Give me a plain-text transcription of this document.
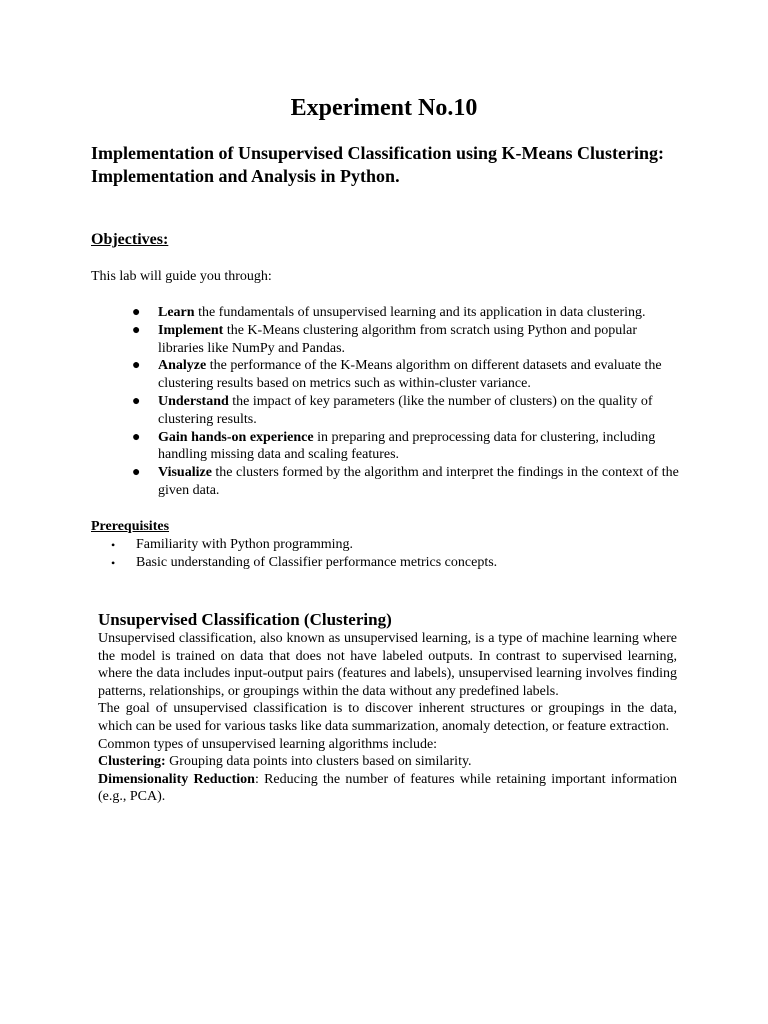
Experiment No.10
Implementation of Unsupervised Classification using K-Means Clustering: Implementation and Analysis in Python.
Objectives:
This lab will guide you through:
● Learn the fundamentals of unsupervised learning and its application in data clustering.
● Implement the K-Means clustering algorithm from scratch using Python and popular libraries like NumPy and Pandas.
● Analyze the performance of the K-Means algorithm on different datasets and evaluate the clustering results based on metrics such as within-cluster variance.
● Understand the impact of key parameters (like the number of clusters) on the quality of clustering results.
● Gain hands-on experience in preparing and preprocessing data for clustering, including handling missing data and scaling features.
● Visualize the clusters formed by the algorithm and interpret the findings in the context of the given data.
Prerequisites
• Familiarity with Python programming.
• Basic understanding of Classifier performance metrics concepts.
Unsupervised Classification (Clustering)

Unsupervised classification, also known as unsupervised learning, is a type of machine learning where the model is trained on data that does not have labeled outputs. In contrast to supervised learning, where the data includes input-output pairs (features and labels), unsupervised learning involves finding patterns, relationships, or groupings within the data without any predefined labels.

The goal of unsupervised classification is to discover inherent structures or groupings in the data, which can be used for various tasks like data summarization, anomaly detection, or feature extraction.

Common types of unsupervised learning algorithms include:

Clustering: Grouping data points into clusters based on similarity.

Dimensionality Reduction: Reducing the number of features while retaining important information (e.g., PCA).
